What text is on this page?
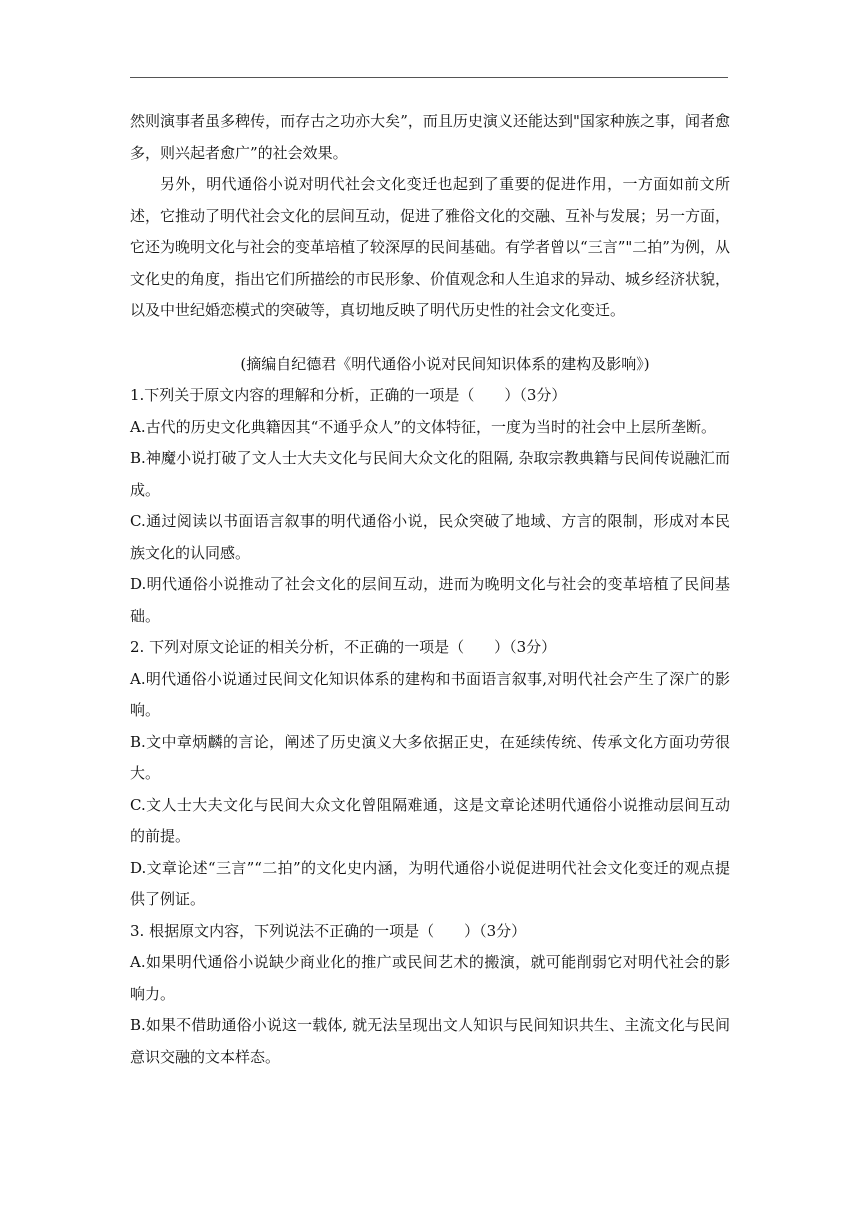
然则演事者虽多稗传，而存古之功亦大矣”，而且历史演义还能达到"国家种族之事，闻者愈多，则兴起者愈广”的社会效果。

另外，明代通俗小说对明代社会文化变迁也起到了重要的促进作用，一方面如前文所述，它推动了明代社会文化的层间互动，促进了雅俗文化的交融、互补与发展；另一方面，它还为晚明文化与社会的变革培植了较深厚的民间基础。有学者曾以“三言”"二拍”为例，从文化史的角度，指出它们所描绘的市民形象、价值观念和人生追求的异动、城乡经济状貌，以及中世纪婚恋模式的突破等，真切地反映了明代历史性的社会文化变迁。

(摘编自纪德君《明代通俗小说对民间知识体系的建构及影响》)

1.下列关于原文内容的理解和分析，正确的一项是（　　）（3分）

A.古代的历史文化典籍因其“不通乎众人”的文体特征，一度为当时的社会中上层所垄断。

B.神魔小说打破了文人士大夫文化与民间大众文化的阻隔, 杂取宗教典籍与民间传说融汇而成。

C.通过阅读以书面语言叙事的明代通俗小说，民众突破了地域、方言的限制，形成对本民族文化的认同感。

D.明代通俗小说推动了社会文化的层间互动，进而为晚明文化与社会的变革培植了民间基础。

2. 下列对原文论证的相关分析，不正确的一项是（　　）（3分）

A.明代通俗小说通过民间文化知识体系的建构和书面语言叙事,对明代社会产生了深广的影响。

B.文中章炳麟的言论，阐述了历史演义大多依据正史，在延续传统、传承文化方面功劳很大。

C.文人士大夫文化与民间大众文化曾阻隔难通，这是文章论述明代通俗小说推动层间互动的前提。

D.文章论述“三言”“二拍”的文化史内涵，为明代通俗小说促进明代社会文化变迁的观点提供了例证。

3. 根据原文内容，下列说法不正确的一项是（　　）（3分）

A.如果明代通俗小说缺少商业化的推广或民间艺术的搬演，就可能削弱它对明代社会的影响力。

B.如果不借助通俗小说这一载体, 就无法呈现出文人知识与民间知识共生、主流文化与民间意识交融的文本样态。
